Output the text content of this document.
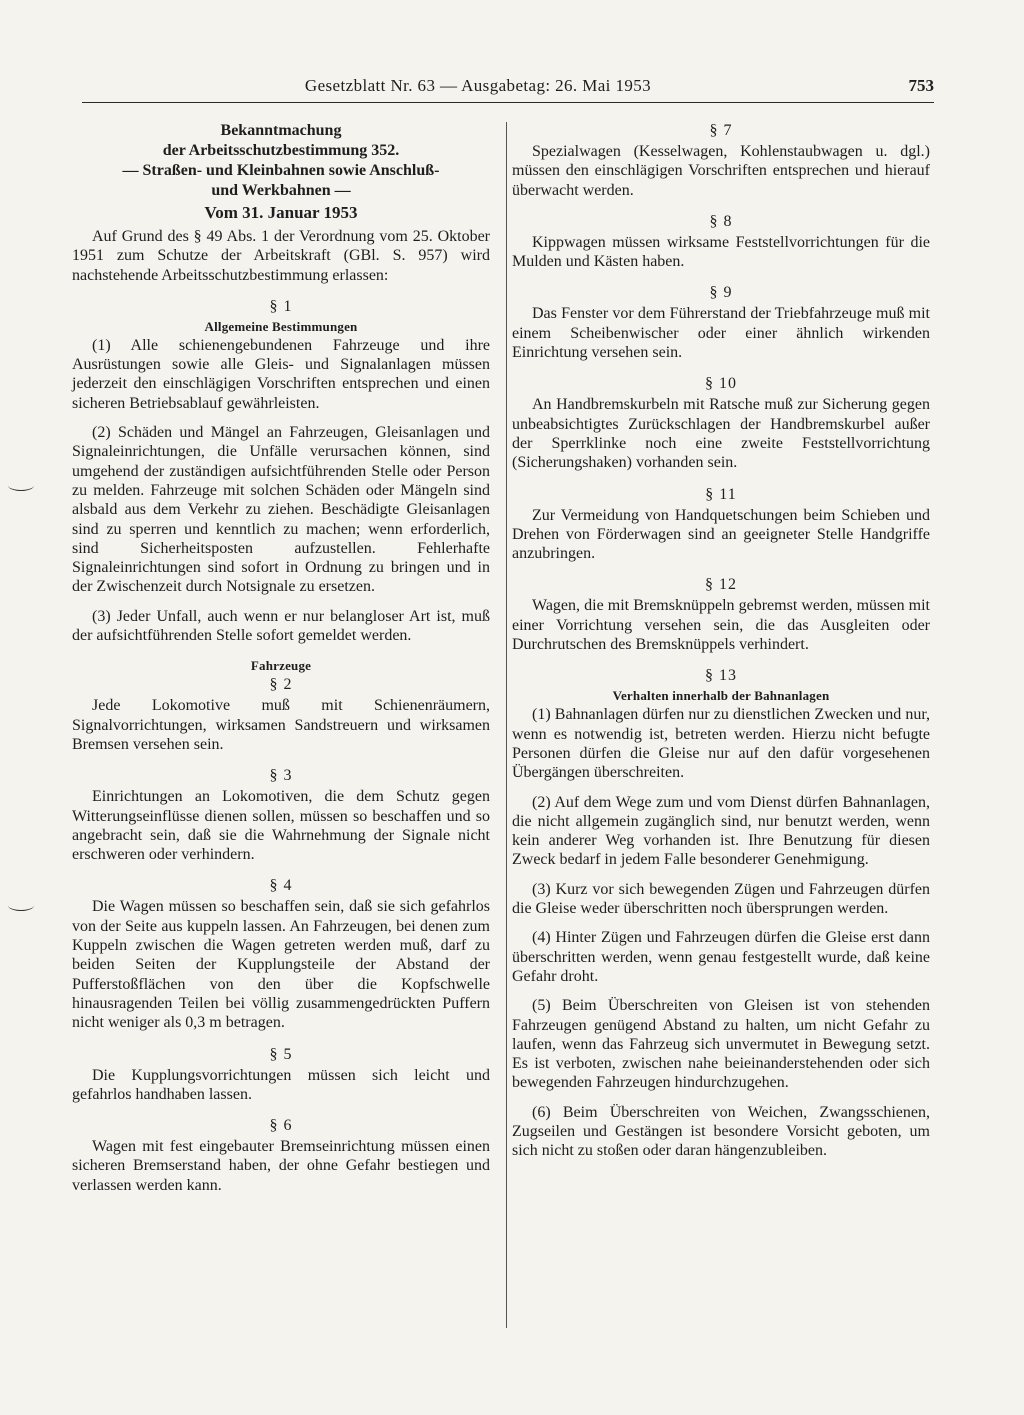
Gesetzblatt Nr. 63 — Ausgabetag: 26. Mai 1953	753
Bekanntmachung
der Arbeitsschutzbestimmung 352.
— Straßen- und Kleinbahnen sowie Anschluß-
und Werkbahnen —
Vom 31. Januar 1953

Auf Grund des § 49 Abs. 1 der Verordnung vom 25. Oktober 1951 zum Schutze der Arbeitskraft (GBl. S. 957) wird nachstehende Arbeitsschutzbestimmung erlassen:

§ 1
Allgemeine Bestimmungen

(1) Alle schienengebundenen Fahrzeuge und ihre Ausrüstungen sowie alle Gleis- und Signalanlagen müssen jederzeit den einschlägigen Vorschriften entsprechen und einen sicheren Betriebsablauf gewährleisten.

(2) Schäden und Mängel an Fahrzeugen, Gleisanlagen und Signaleinrichtungen, die Unfälle verursachen können, sind umgehend der zuständigen aufsichtführenden Stelle oder Person zu melden. Fahrzeuge mit solchen Schäden oder Mängeln sind alsbald aus dem Verkehr zu ziehen. Beschädigte Gleisanlagen sind zu sperren und kenntlich zu machen; wenn erforderlich, sind Sicherheitsposten aufzustellen. Fehlerhafte Signaleinrichtungen sind sofort in Ordnung zu bringen und in der Zwischenzeit durch Notsignale zu ersetzen.

(3) Jeder Unfall, auch wenn er nur belangloser Art ist, muß der aufsichtführenden Stelle sofort gemeldet werden.

Fahrzeuge
§ 2

Jede Lokomotive muß mit Schienenräumern, Signalvorrichtungen, wirksamen Sandstreuern und wirksamen Bremsen versehen sein.

§ 3

Einrichtungen an Lokomotiven, die dem Schutz gegen Witterungseinflüsse dienen sollen, müssen so beschaffen und so angebracht sein, daß sie die Wahrnehmung der Signale nicht erschweren oder verhindern.

§ 4

Die Wagen müssen so beschaffen sein, daß sie sich gefahrlos von der Seite aus kuppeln lassen. An Fahrzeugen, bei denen zum Kuppeln zwischen die Wagen getreten werden muß, darf zu beiden Seiten der Kupplungsteile der Abstand der Pufferstoßflächen von den über die Kopfschwelle hinausragenden Teilen bei völlig zusammengedrückten Puffern nicht weniger als 0,3 m betragen.

§ 5

Die Kupplungsvorrichtungen müssen sich leicht und gefahrlos handhaben lassen.

§ 6

Wagen mit fest eingebauter Bremseinrichtung müssen einen sicheren Bremserstand haben, der ohne Gefahr bestiegen und verlassen werden kann.

§ 7

Spezialwagen (Kesselwagen, Kohlenstaubwagen u. dgl.) müssen den einschlägigen Vorschriften entsprechen und hierauf überwacht werden.

§ 8

Kippwagen müssen wirksame Feststellvorrichtungen für die Mulden und Kästen haben.

§ 9

Das Fenster vor dem Führerstand der Triebfahrzeuge muß mit einem Scheibenwischer oder einer ähnlich wirkenden Einrichtung versehen sein.

§ 10

An Handbremskurbeln mit Ratsche muß zur Sicherung gegen unbeabsichtigtes Zurückschlagen der Handbremskurbel außer der Sperrklinke noch eine zweite Feststellvorrichtung (Sicherungshaken) vorhanden sein.

§ 11

Zur Vermeidung von Handquetschungen beim Schieben und Drehen von Förderwagen sind an geeigneter Stelle Handgriffe anzubringen.

§ 12

Wagen, die mit Bremsknüppeln gebremst werden, müssen mit einer Vorrichtung versehen sein, die das Ausgleiten oder Durchrutschen des Bremsknüppels verhindert.

§ 13
Verhalten innerhalb der Bahnanlagen

(1) Bahnanlagen dürfen nur zu dienstlichen Zwecken und nur, wenn es notwendig ist, betreten werden. Hierzu nicht befugte Personen dürfen die Gleise nur auf den dafür vorgesehenen Übergängen überschreiten.

(2) Auf dem Wege zum und vom Dienst dürfen Bahnanlagen, die nicht allgemein zugänglich sind, nur benutzt werden, wenn kein anderer Weg vorhanden ist. Ihre Benutzung für diesen Zweck bedarf in jedem Falle besonderer Genehmigung.

(3) Kurz vor sich bewegenden Zügen und Fahrzeugen dürfen die Gleise weder überschritten noch übersprungen werden.

(4) Hinter Zügen und Fahrzeugen dürfen die Gleise erst dann überschritten werden, wenn genau festgestellt wurde, daß keine Gefahr droht.

(5) Beim Überschreiten von Gleisen ist von stehenden Fahrzeugen genügend Abstand zu halten, um nicht Gefahr zu laufen, wenn das Fahrzeug sich unvermutet in Bewegung setzt. Es ist verboten, zwischen nahe beieinanderstehenden oder sich bewegenden Fahrzeugen hindurchzugehen.

(6) Beim Überschreiten von Weichen, Zwangsschienen, Zugseilen und Gestängen ist besondere Vorsicht geboten, um sich nicht zu stoßen oder daran hängenzubleiben.
